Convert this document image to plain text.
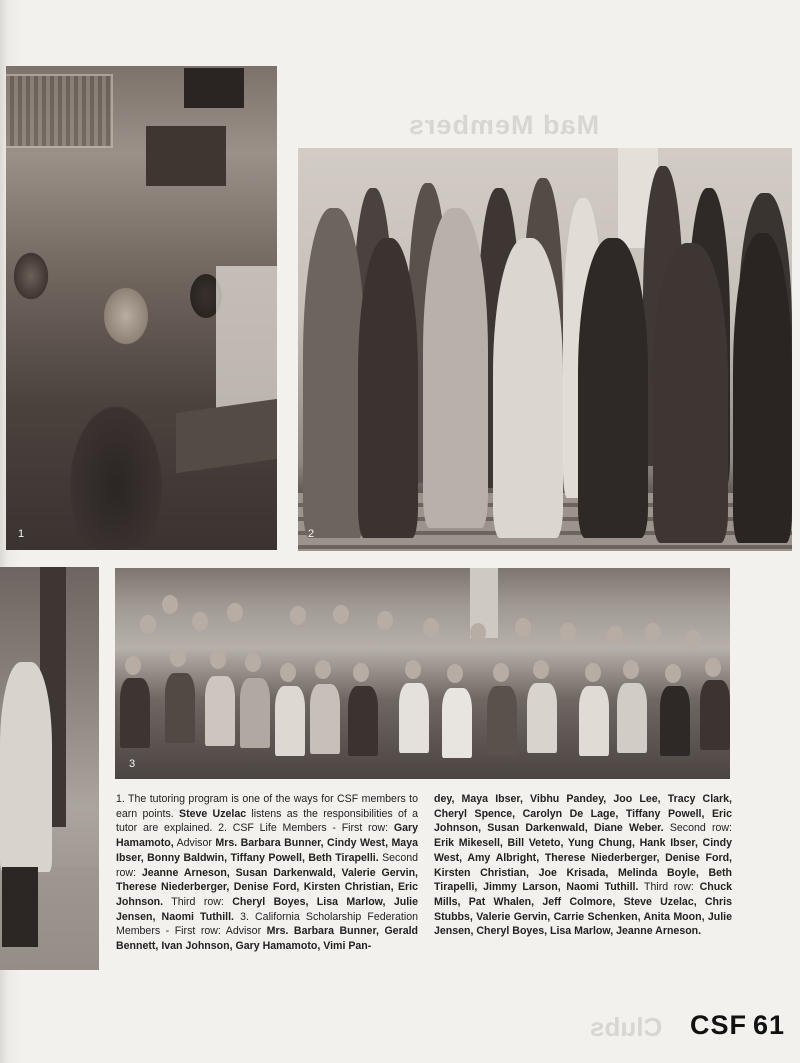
Mad Members
1	2
3
1. The tutoring program is one of the ways for CSF members to earn points. Steve Uzelac listens as the responsibilities of a tutor are explained. 2. CSF Life Members - First row: Gary Hamamoto, Advisor Mrs. Barbara Bunner, Cindy West, Maya Ibser, Bonny Baldwin, Tiffany Powell, Beth Tirapelli. Second row: Jeanne Arneson, Susan Darkenwald, Valerie Gervin, Therese Niederberger, Denise Ford, Kirsten Christian, Eric Johnson. Third row: Cheryl Boyes, Lisa Marlow, Julie Jensen, Naomi Tuthill. 3. California Scholarship Federation Members - First row: Advisor Mrs. Barbara Bunner, Gerald Bennett, Ivan Johnson, Gary Hamamoto, Vimi Pan-
dey, Maya Ibser, Vibhu Pandey, Joo Lee, Tracy Clark, Cheryl Spence, Carolyn De Lage, Tiffany Powell, Eric Johnson, Susan Darkenwald, Diane Weber. Second row: Erik Mikesell, Bill Veteto, Yung Chung, Hank Ibser, Cindy West, Amy Albright, Therese Niederberger, Denise Ford, Kirsten Christian, Joe Krisada, Melinda Boyle, Beth Tirapelli, Jimmy Larson, Naomi Tuthill. Third row: Chuck Mills, Pat Whalen, Jeff Colmore, Steve Uzelac, Chris Stubbs, Valerie Gervin, Carrie Schenken, Anita Moon, Julie Jensen, Cheryl Boyes, Lisa Marlow, Jeanne Arneson.
Clubs CSF 61
